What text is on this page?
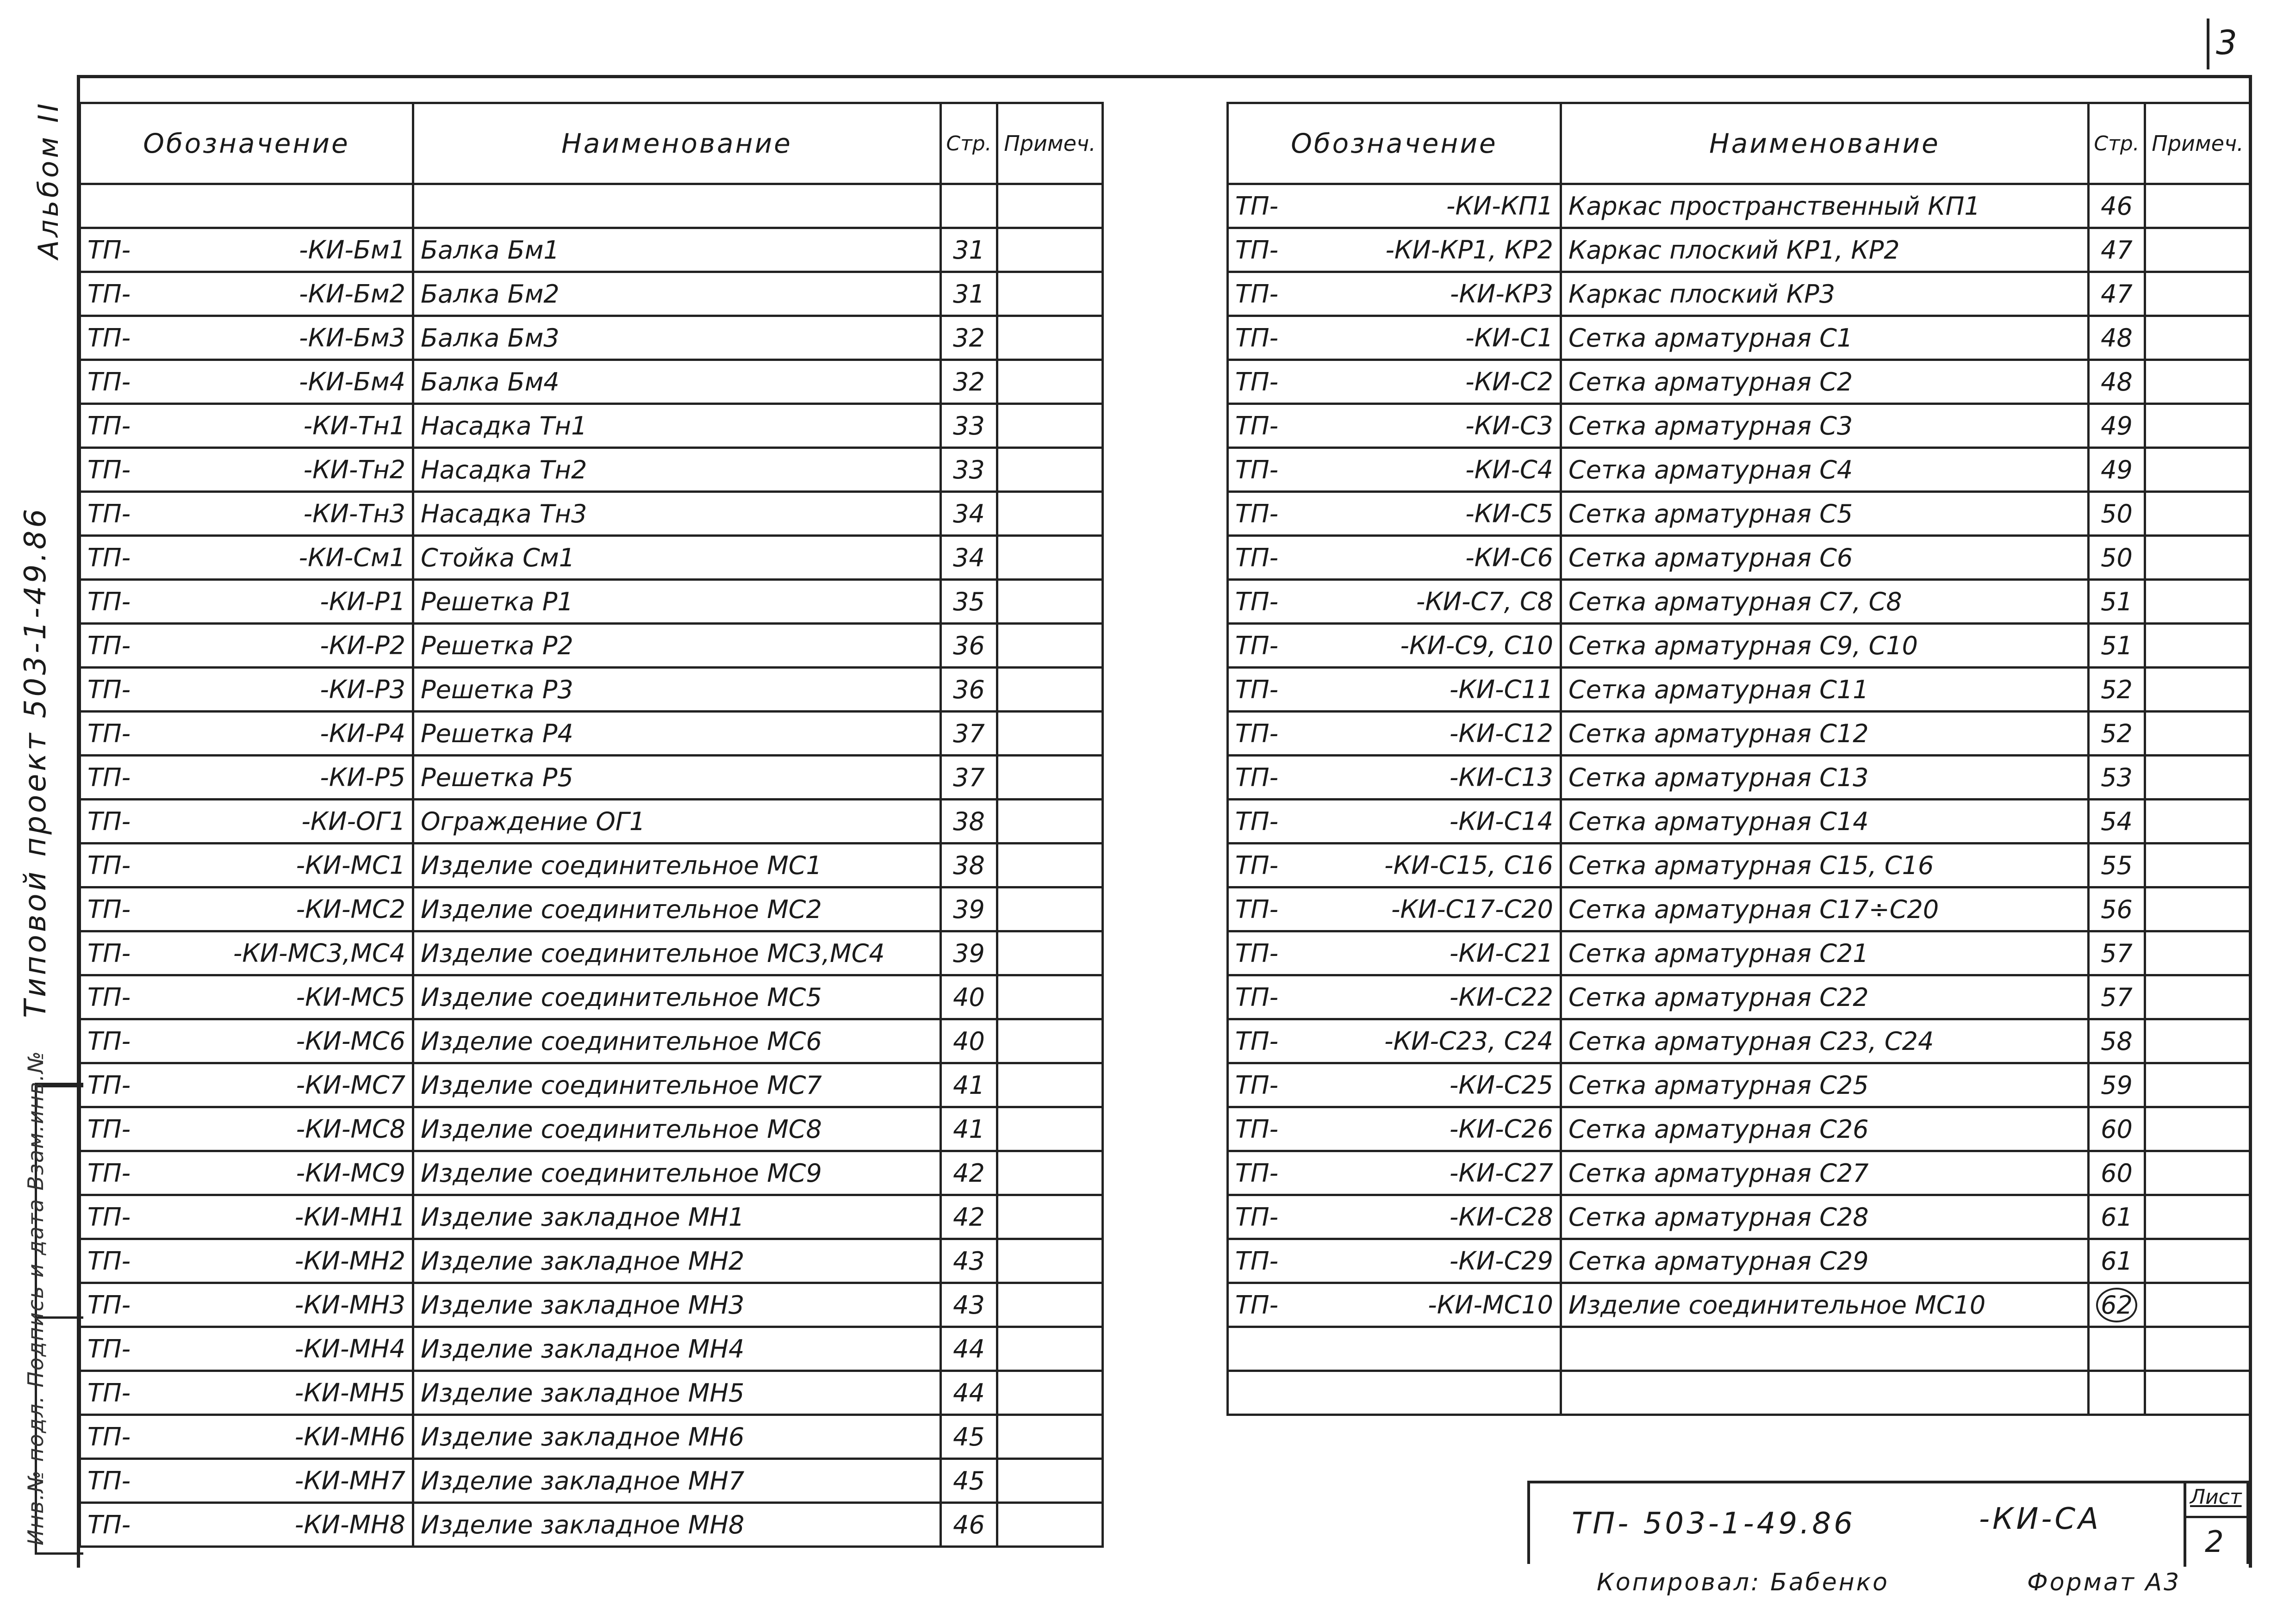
3
Альбом II
Типовой проект 503-1-49.86
Инв.№ подл. Подпись и дата Взам.инв.№
Обозначение	Наименование	Стр.	Примеч.

ТП- -КИ-Бм1	Балка Бм1	31	

ТП- -КИ-Бм2	Балка Бм2	31	

ТП- -КИ-Бм3	Балка Бм3	32	

ТП- -КИ-Бм4	Балка Бм4	32	

ТП- -КИ-Тн1	Насадка Тн1	33	

ТП- -КИ-Тн2	Насадка Тн2	33	

ТП- -КИ-Тн3	Насадка Тн3	34	

ТП- -КИ-См1	Стойка См1	34	

ТП- -КИ-Р1	Решетка Р1	35	

ТП- -КИ-Р2	Решетка Р2	36	

ТП- -КИ-Р3	Решетка Р3	36	

ТП- -КИ-Р4	Решетка Р4	37	

ТП- -КИ-Р5	Решетка Р5	37	

ТП- -КИ-ОГ1	Ограждение ОГ1	38	

ТП- -КИ-МС1	Изделие соединительное МС1	38	

ТП- -КИ-МС2	Изделие соединительное МС2	39	

ТП- -КИ-МС3,МС4	Изделие соединительное МС3,МС4	39	

ТП- -КИ-МС5	Изделие соединительное МС5	40	

ТП- -КИ-МС6	Изделие соединительное МС6	40	

ТП- -КИ-МС7	Изделие соединительное МС7	41	

ТП- -КИ-МС8	Изделие соединительное МС8	41	

ТП- -КИ-МС9	Изделие соединительное МС9	42	

ТП- -КИ-МН1	Изделие закладное МН1	42	

ТП- -КИ-МН2	Изделие закладное МН2	43	

ТП- -КИ-МН3	Изделие закладное МН3	43	

ТП- -КИ-МН4	Изделие закладное МН4	44	

ТП- -КИ-МН5	Изделие закладное МН5	44	

ТП- -КИ-МН6	Изделие закладное МН6	45	

ТП- -КИ-МН7	Изделие закладное МН7	45	

ТП- -КИ-МН8	Изделие закладное МН8	46	
Обозначение	Наименование	Стр.	Примеч.

ТП- -КИ-КП1	Каркас пространственный КП1	46	

ТП- -КИ-КР1, КР2	Каркас плоский КР1, КР2	47	

ТП- -КИ-КР3	Каркас плоский КР3	47	

ТП- -КИ-С1	Сетка арматурная С1	48	

ТП- -КИ-С2	Сетка арматурная С2	48	

ТП- -КИ-С3	Сетка арматурная С3	49	

ТП- -КИ-С4	Сетка арматурная С4	49	

ТП- -КИ-С5	Сетка арматурная С5	50	

ТП- -КИ-С6	Сетка арматурная С6	50	

ТП- -КИ-С7, С8	Сетка арматурная С7, С8	51	

ТП- -КИ-С9, С10	Сетка арматурная С9, С10	51	

ТП- -КИ-С11	Сетка арматурная С11	52	

ТП- -КИ-С12	Сетка арматурная С12	52	

ТП- -КИ-С13	Сетка арматурная С13	53	

ТП- -КИ-С14	Сетка арматурная С14	54	

ТП- -КИ-С15, С16	Сетка арматурная С15, С16	55	

ТП- -КИ-С17-С20	Сетка арматурная С17÷С20	56	

ТП- -КИ-С21	Сетка арматурная С21	57	

ТП- -КИ-С22	Сетка арматурная С22	57	

ТП- -КИ-С23, С24	Сетка арматурная С23, С24	58	

ТП- -КИ-С25	Сетка арматурная С25	59	

ТП- -КИ-С26	Сетка арматурная С26	60	

ТП- -КИ-С27	Сетка арматурная С27	60	

ТП- -КИ-С28	Сетка арматурная С28	61	

ТП- -КИ-С29	Сетка арматурная С29	61	

ТП- -КИ-МС10	Изделие соединительное МС10	62	

ТП- 503-1-49.86	-КИ-СА
Лист
2
Копировал: Бабенко	Формат А3
